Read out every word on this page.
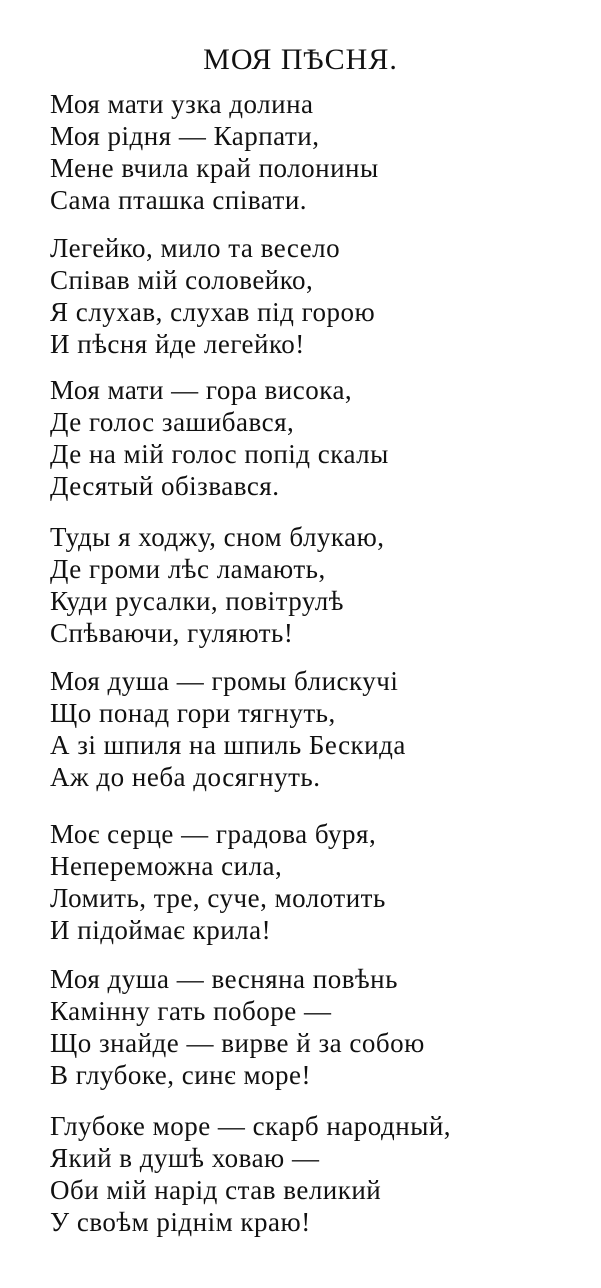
МОЯ ПѢСНЯ.
Моя мати узка долина
Моя рідня — Карпати,
Мене вчила край полонины
Сама пташка співати.
Легейко, мило та весело
Співав мій соловейко,
Я слухав, слухав під горою
И пѣсня йде легейко!
Моя мати — гора висока,
Де голос зашибався,
Де на мій голос попід скалы
Десятый обізвався.
Туды я ходжу, сном блукаю,
Де громи лѣс ламають,
Куди русалки, повітрулѣ
Спѣваючи, гуляють!
Моя душа — громы блискучі
Що понад гори тягнуть,
А зі шпиля на шпиль Бескида
Аж до неба досягнуть.
Моє серце — градова буря,
Непереможна сила,
Ломить, тре, суче, молотить
И підоймає крила!
Моя душа — весняна повѣнь
Камінну гать поборе —
Що знайде — вирве й за собою
В глубоке, синє море!
Глубоке море — скарб народный,
Який в душѣ ховаю —
Оби мій нарід став великий
У своѣм ріднім краю!
